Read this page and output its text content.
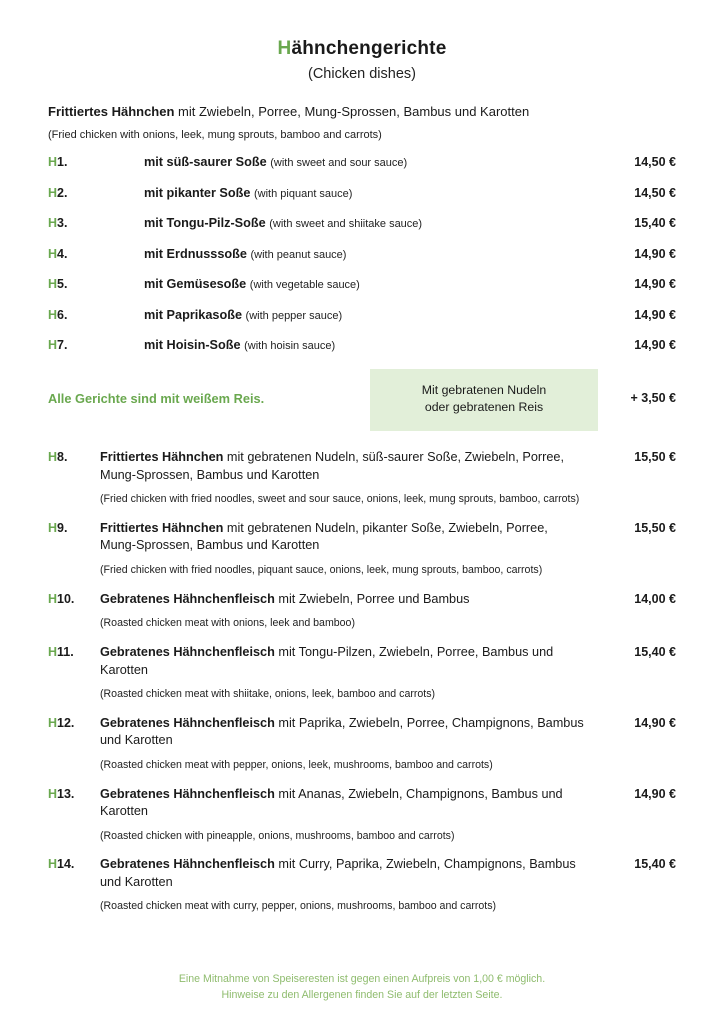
Hähnchengerichte
(Chicken dishes)

Frittiertes Hähnchen mit Zwiebeln, Porree, Mung-Sprossen, Bambus und Karotten

(Fried chicken with onions, leek, mung sprouts, bamboo and carrots)

H1.	mit süß-saurer Soße (with sweet and sour sauce)	14,50 €
H2.	mit pikanter Soße (with piquant sauce)	14,50 €
H3.	mit Tongu-Pilz-Soße (with sweet and shiitake sauce)	15,40 €
H4.	mit Erdnusssoße (with peanut sauce)	14,90 €
H5.	mit Gemüsesoße (with vegetable sauce)	14,90 €
H6.	mit Paprikasoße (with pepper sauce)	14,90 €
H7.	mit Hoisin-Soße (with hoisin sauce)	14,90 €
Alle Gerichte sind mit weißem Reis.
Mit gebratenen Nudeln
oder gebratenen Reis
+ 3,50 €
H8.	Frittiertes Hähnchen mit gebratenen Nudeln, süß-saurer Soße, Zwiebeln, Porree, Mung-Sprossen, Bambus und Karotten
(Fried chicken with fried noodles, sweet and sour sauce, onions, leek, mung sprouts, bamboo, carrots)
15,50 €
H9.	Frittiertes Hähnchen mit gebratenen Nudeln, pikanter Soße, Zwiebeln, Porree, Mung-Sprossen, Bambus und Karotten
(Fried chicken with fried noodles, piquant sauce, onions, leek, mung sprouts, bamboo, carrots)
15,50 €
H10.	Gebratenes Hähnchenfleisch mit Zwiebeln, Porree und Bambus
(Roasted chicken meat with onions, leek and bamboo)
14,00 €
H11.	Gebratenes Hähnchenfleisch mit Tongu-Pilzen, Zwiebeln, Porree, Bambus und Karotten
(Roasted chicken meat with shiitake, onions, leek, bamboo and carrots)
15,40 €
H12.	Gebratenes Hähnchenfleisch mit Paprika, Zwiebeln, Porree, Champignons, Bambus und Karotten
(Roasted chicken meat with pepper, onions, leek, mushrooms, bamboo and carrots)
14,90 €
H13.	Gebratenes Hähnchenfleisch mit Ananas, Zwiebeln, Champignons, Bambus und Karotten
(Roasted chicken with pineapple, onions, mushrooms, bamboo and carrots)
14,90 €
H14.	Gebratenes Hähnchenfleisch mit Curry, Paprika, Zwiebeln, Champignons, Bambus und Karotten
(Roasted chicken meat with curry, pepper, onions, mushrooms, bamboo and carrots)
15,40 €
Eine Mitnahme von Speiseresten ist gegen einen Aufpreis von 1,00 € möglich.
Hinweise zu den Allergenen finden Sie auf der letzten Seite.
